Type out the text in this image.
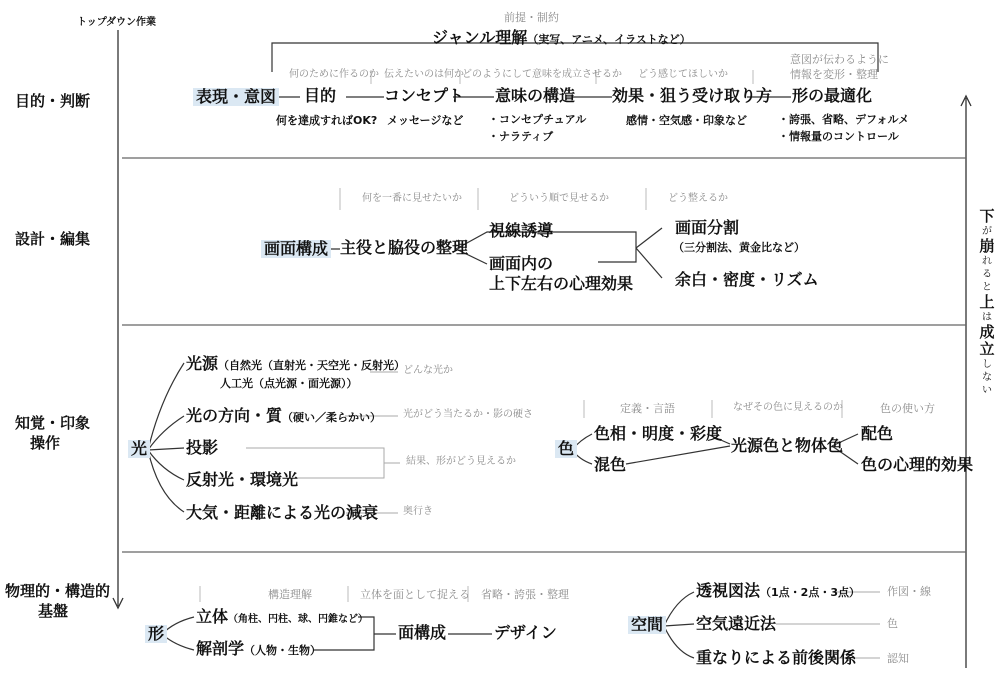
トップダウン作業
下
が
崩
れ
る
と
上
は
成
立
し
な
い
目的・判断
設計・編集
知覚・印象
操作
物理的・構造的
基盤
前提・制約
ジャンル理解（実写、アニメ、イラストなど）
表現・意図
何のために作るのか
目的
何を達成すればOK?
伝えたいのは何か
コンセプト
メッセージなど
どのようにして意味を成立させるか
意味の構造
・コンセプチュアル
・ナラティブ
どう感じてほしいか
効果・狙う受け取り方
感情・空気感・印象など
意図が伝わるように
情報を変形・整理
形の最適化
・誇張、省略、デフォルメ
・情報量のコントロール
画面構成
何を一番に見せたいか
主役と脇役の整理
どういう順で見せるか
視線誘導
画面内の
上下左右の心理効果
どう整えるか
画面分割
（三分割法、黄金比など）
余白・密度・リズム
光
光源（自然光（直射光・天空光・反射光）
人工光（点光源・面光源））
どんな光か
光の方向・質（硬い／柔らかい） 光がどう当たるか・影の硬さ
投影
反射光・環境光
結果、形がどう見えるか
大気・距離による光の減衰 奥行き
色
定義・言語
色相・明度・彩度
混色
なぜその色に見えるのか
光源色と物体色
色の使い方
配色
色の心理的効果
形
構造理解
立体（角柱、円柱、球、円錐など）
解剖学（人物・生物）
立体を面として捉える
面構成
省略・誇張・整理
デザイン	空間
透視図法（1点・2点・3点） 作図・線
空気遠近法	色
重なりによる前後関係	認知
